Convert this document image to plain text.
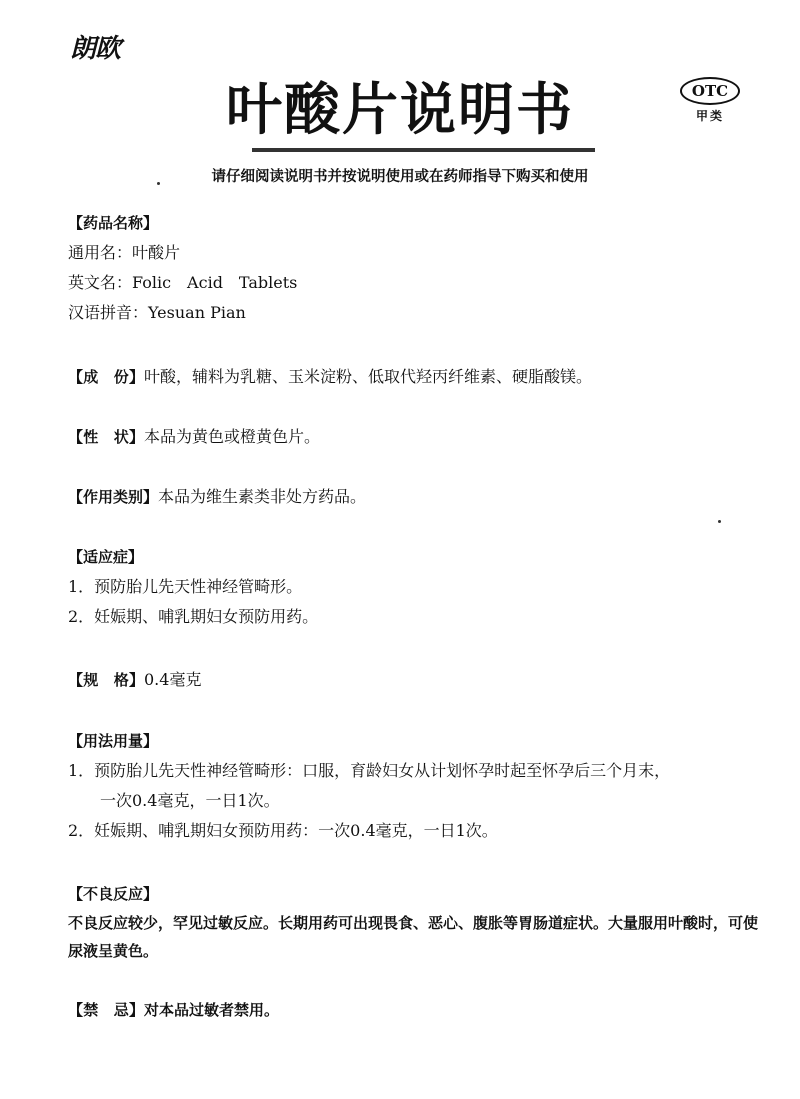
朗欧
叶酸片说明书	OTC
甲类
请仔细阅读说明书并按说明使用或在药师指导下购买和使用
【药品名称】
通用名：叶酸片
英文名：Folic　Acid　Tablets
汉语拼音：Yesuan Pian
【成　 份】叶酸，辅料为乳糖、玉米淀粉、低取代羟丙纤维素、硬脂酸镁。
【性　 状】本品为黄色或橙黄色片。
【作用类别】本品为维生素类非处方药品。
【适应症】
1．预防胎儿先天性神经管畸形。
2．妊娠期、哺乳期妇女预防用药。
【规　 格】0.4毫克
【用法用量】
1．预防胎儿先天性神经管畸形：口服，育龄妇女从计划怀孕时起至怀孕后三个月末，
一次0.4毫克，一日1次。
2．妊娠期、哺乳期妇女预防用药：一次0.4毫克，一日1次。
【不良反应】
不良反应较少，罕见过敏反应。长期用药可出现畏食、恶心、腹胀等胃肠道症状。大量服用叶酸时，可使尿液呈黄色。
【禁　 忌】对本品过敏者禁用。
